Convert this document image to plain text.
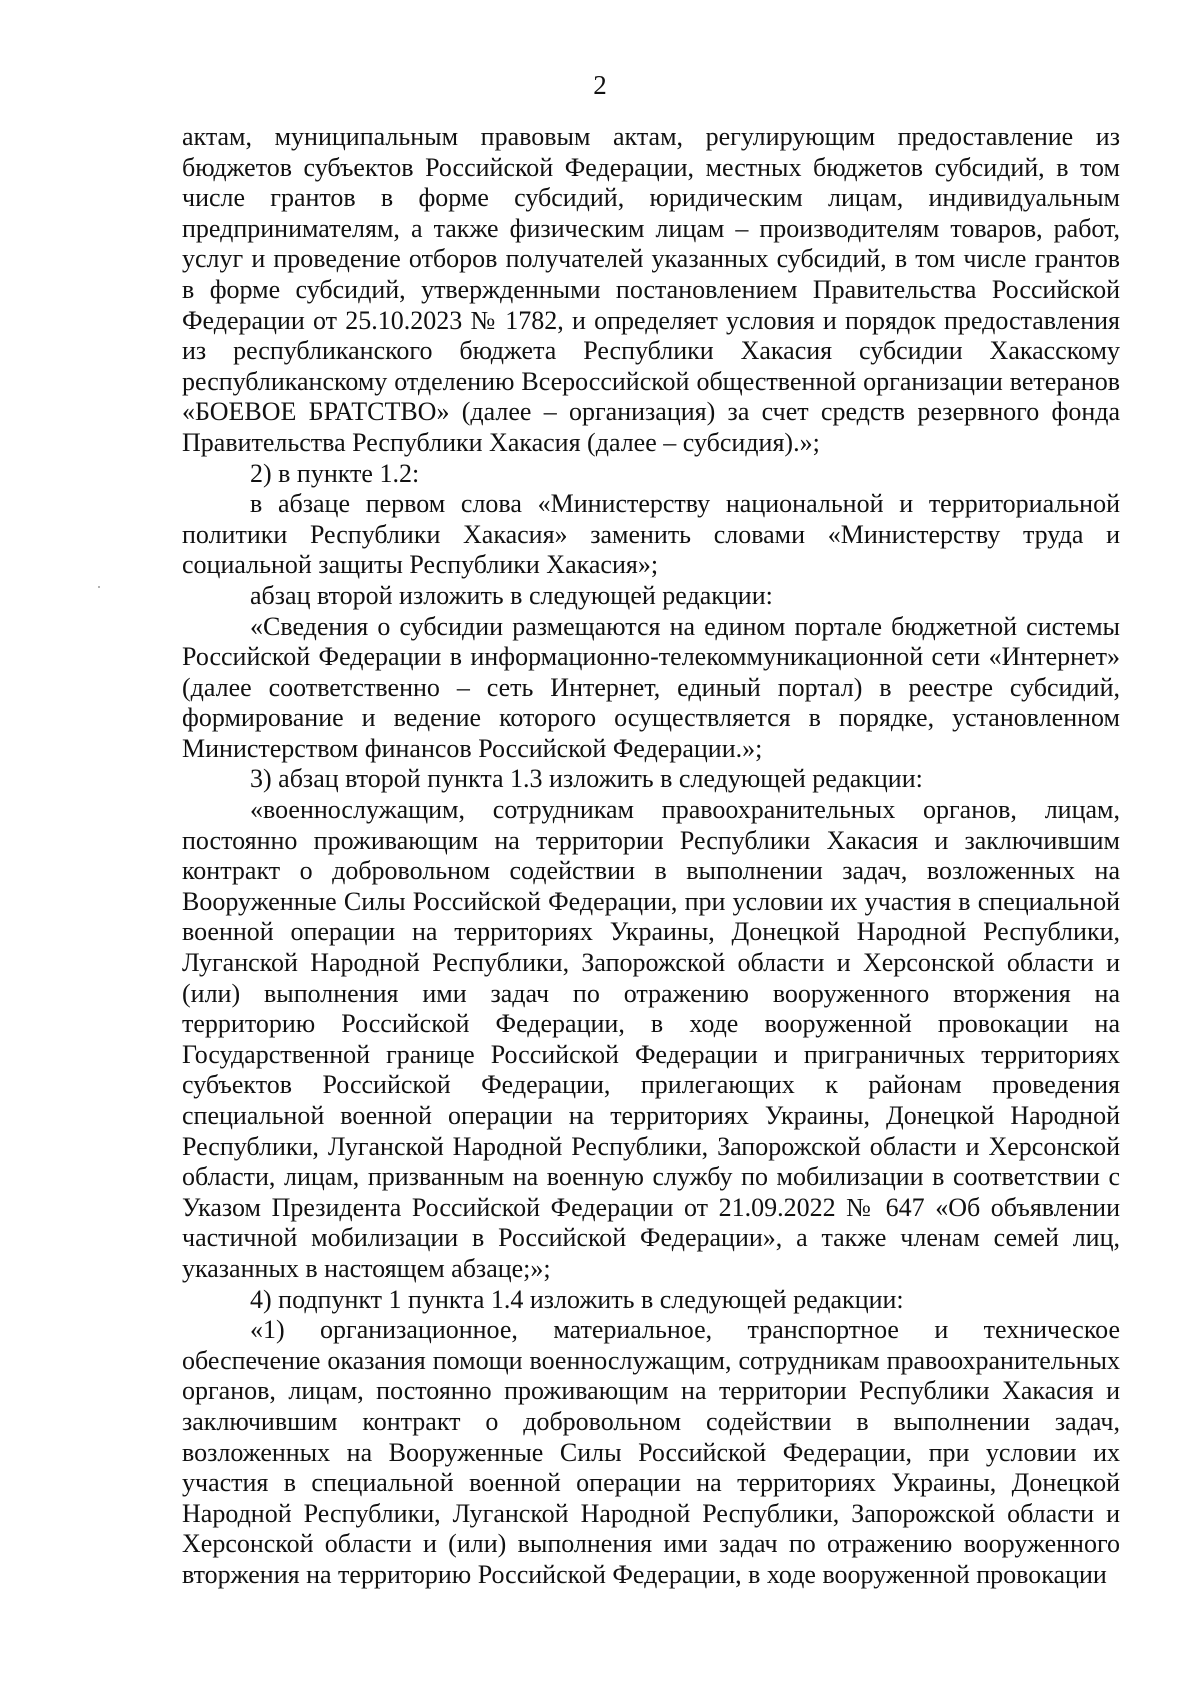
2

актам, муниципальным правовым актам, регулирующим предоставление из бюджетов субъектов Российской Федерации, местных бюджетов субсидий, в том числе грантов в форме субсидий, юридическим лицам, индивидуальным предпринимателям, а также физическим лицам – производителям товаров, работ, услуг и проведение отборов получателей указанных субсидий, в том числе грантов в форме субсидий, утвержденными постановлением Правительства Российской Федерации от 25.10.2023 № 1782, и определяет условия и порядок предоставления из республиканского бюджета Республики Хакасия субсидии Хакасскому республиканскому отделению Всероссийской общественной организации ветеранов «БОЕВОЕ БРАТСТВО» (далее – организация) за счет средств резервного фонда Правительства Республики Хакасия (далее – субсидия).»;

2) в пункте 1.2:

в абзаце первом слова «Министерству национальной и территориальной политики Республики Хакасия» заменить словами «Министерству труда и социальной защиты Республики Хакасия»;

абзац второй изложить в следующей редакции:

«Сведения о субсидии размещаются на едином портале бюджетной системы Российской Федерации в информационно-телекоммуникационной сети «Интернет» (далее соответственно – сеть Интернет, единый портал) в реестре субсидий, формирование и ведение которого осуществляется в порядке, установленном Министерством финансов Российской Федерации.»;

3) абзац второй пункта 1.3 изложить в следующей редакции:

«военнослужащим, сотрудникам правоохранительных органов, лицам, постоянно проживающим на территории Республики Хакасия и заключившим контракт о добровольном содействии в выполнении задач, возложенных на Вооруженные Силы Российской Федерации, при условии их участия в специальной военной операции на территориях Украины, Донецкой Народной Республики, Луганской Народной Республики, Запорожской области и Херсонской области и (или) выполнения ими задач по отражению вооруженного вторжения на территорию Российской Федерации, в ходе вооруженной провокации на Государственной границе Российской Федерации и приграничных территориях субъектов Российской Федерации, прилегающих к районам проведения специальной военной операции на территориях Украины, Донецкой Народной Республики, Луганской Народной Республики, Запорожской области и Херсонской области, лицам, призванным на военную службу по мобилизации в соответствии с Указом Президента Российской Федерации от 21.09.2022 № 647 «Об объявлении частичной мобилизации в Российской Федерации», а также членам семей лиц, указанных в настоящем абзаце;»;

4) подпункт 1 пункта 1.4 изложить в следующей редакции:

«1) организационное, материальное, транспортное и техническое обеспечение оказания помощи военнослужащим, сотрудникам правоохранительных органов, лицам, постоянно проживающим на территории Республики Хакасия и заключившим контракт о добровольном содействии в выполнении задач, возложенных на Вооруженные Силы Российской Федерации, при условии их участия в специальной военной операции на территориях Украины, Донецкой Народной Республики, Луганской Народной Республики, Запорожской области и Херсонской области и (или) выполнения ими задач по отражению вооруженного вторжения на территорию Российской Федерации, в ходе вооруженной провокации
